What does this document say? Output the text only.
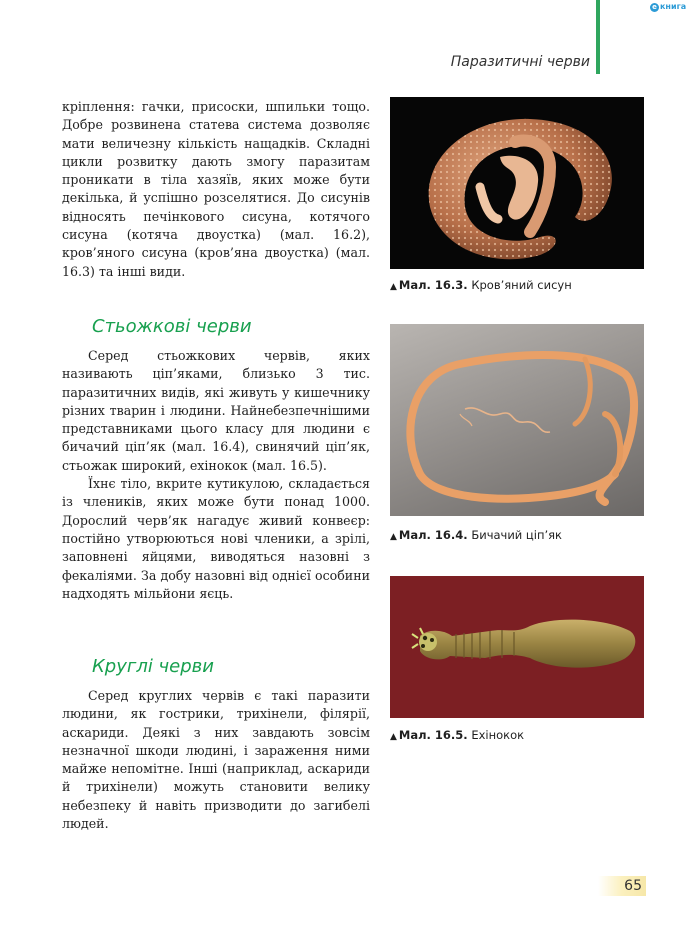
e книга
Паразитичні черви

кріплення: гачки, присоски, шпильки тощо. Добре розвинена статева система дозволяє мати величезну кількість нащадків. Складні цикли розвитку дають змогу паразитам проникати в тіла хазяїв, яких може бути декілька, й успішно розселятися. До сисунів відносять печінкового сисуна, котячого сисуна (котяча двоустка) (мал. 16.2), кров’яного сисуна (кров’яна двоустка) (мал. 16.3) та інші види.

Стьожкові черви

Серед стьожкових червів, яких називають ціп’яками, близько 3 тис. паразитичних видів, які живуть у кишечнику різних тварин і людини. Найнебезпечнішими представниками цього класу для людини є бичачий ціп’як (мал. 16.4), свинячий ціп’як, стьожак широкий, ехінокок (мал. 16.5).

Їхнє тіло, вкрите кутикулою, складається із члеників, яких може бути понад 1000. Дорослий черв’як нагадує живий конвеєр: постійно утворюються нові членики, а зрілі, заповнені яйцями, виводяться назовні з фекаліями. За добу назовні від однієї особини надходять мільйони яєць.

Круглі черви

Серед круглих червів є такі паразити людини, як гострики, трихінели, філярії, аскариди. Деякі з них завдають зовсім незначної шкоди людині, і зараження ними майже непомітне. Інші (наприклад, аскариди й трихінели) можуть становити велику небезпеку й навіть призводити до загибелі людей.

▲ Мал. 16.3. Кров’яний сисун
▲ Мал. 16.4. Бичачий ціп’як
▲ Мал. 16.5. Ехінокок
65
